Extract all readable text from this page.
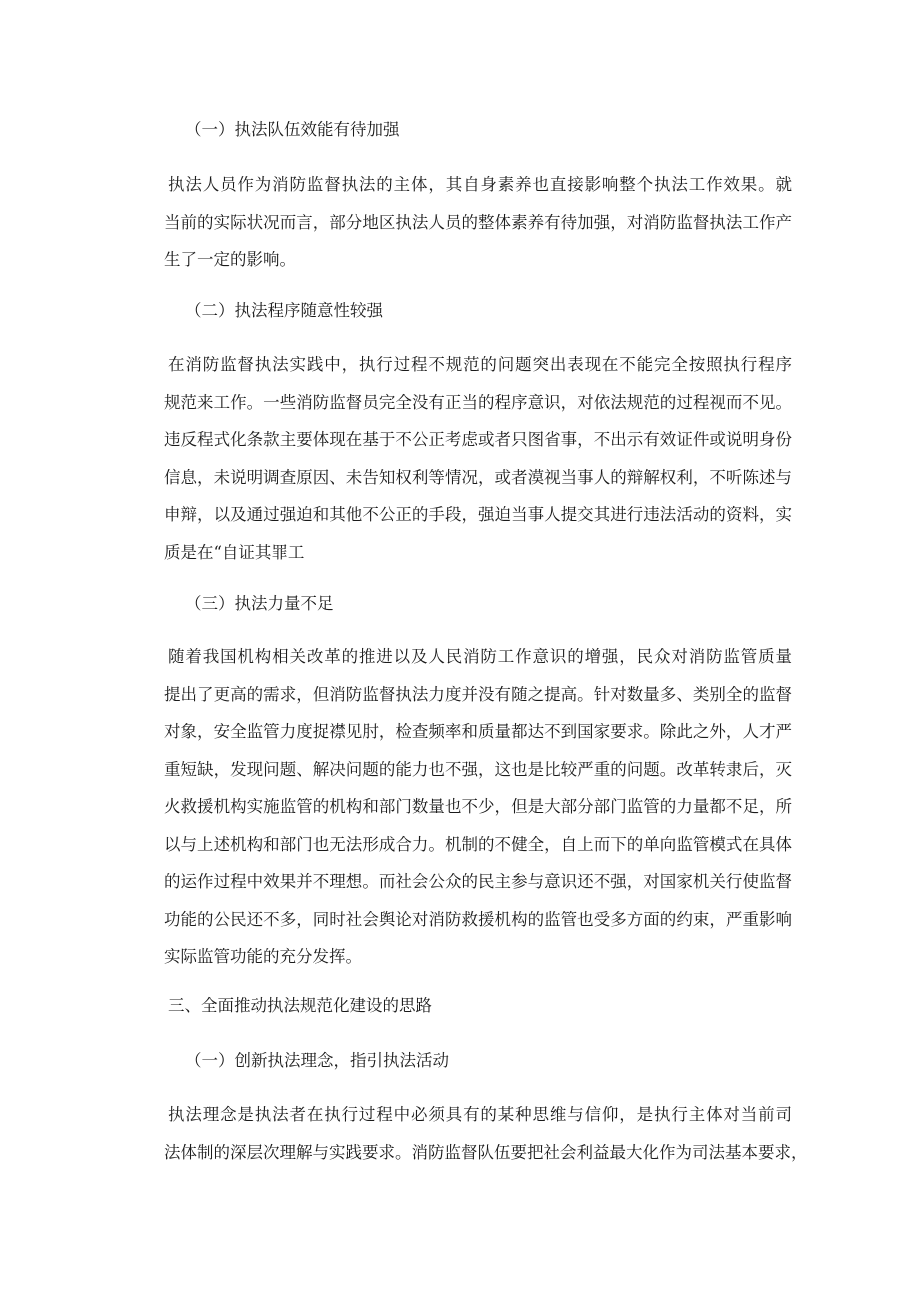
（一）执法队伍效能有待加强
执法人员作为消防监督执法的主体，其自身素养也直接影响整个执法工作效果。就
当前的实际状况而言，部分地区执法人员的整体素养有待加强，对消防监督执法工作产
生了一定的影响。
（二）执法程序随意性较强
在消防监督执法实践中，执行过程不规范的问题突出表现在不能完全按照执行程序
规范来工作。一些消防监督员完全没有正当的程序意识，对依法规范的过程视而不见。
违反程式化条款主要体现在基于不公正考虑或者只图省事，不出示有效证件或说明身份
信息，未说明调查原因、未告知权利等情况，或者漠视当事人的辩解权利，不听陈述与
申辩，以及通过强迫和其他不公正的手段，强迫当事人提交其进行违法活动的资料，实
质是在“自证其罪工
（三）执法力量不足
随着我国机构相关改革的推进以及人民消防工作意识的增强，民众对消防监管质量
提出了更高的需求，但消防监督执法力度并没有随之提高。针对数量多、类别全的监督
对象，安全监管力度捉襟见肘，检查频率和质量都达不到国家要求。除此之外，人才严
重短缺，发现问题、解决问题的能力也不强，这也是比较严重的问题。改革转隶后，灭
火救援机构实施监管的机构和部门数量也不少，但是大部分部门监管的力量都不足，所
以与上述机构和部门也无法形成合力。机制的不健全，自上而下的单向监管模式在具体
的运作过程中效果并不理想。而社会公众的民主参与意识还不强，对国家机关行使监督
功能的公民还不多，同时社会舆论对消防救援机构的监管也受多方面的约束，严重影响
实际监管功能的充分发挥。
三、全面推动执法规范化建设的思路
（一）创新执法理念，指引执法活动
执法理念是执法者在执行过程中必须具有的某种思维与信仰，是执行主体对当前司
法体制的深层次理解与实践要求。消防监督队伍要把社会利益最大化作为司法基本要求，
